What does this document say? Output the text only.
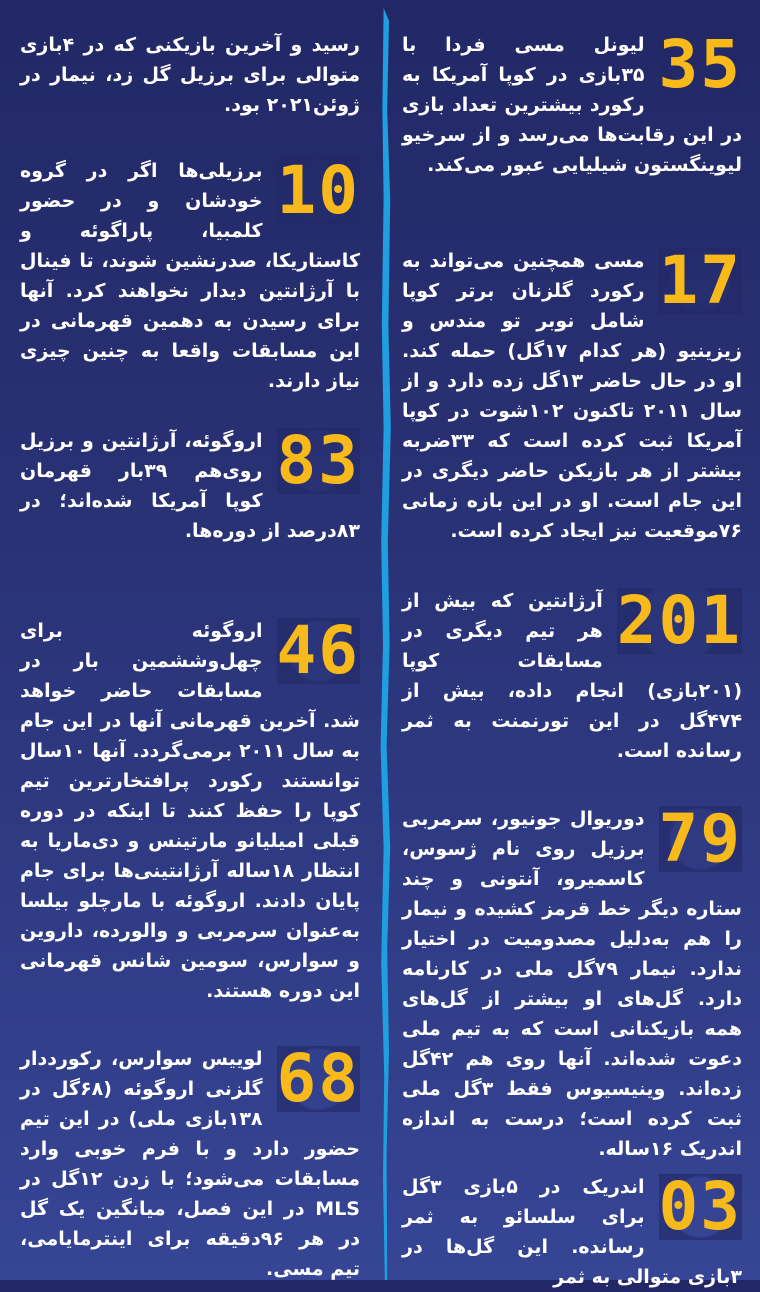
35

لیونل مسی فردا با ۳۵بازی در کوپا آمریکا به رکورد بیشترین تعداد بازی در این رقابت‌ها می‌رسد و از سرخیو لیوینگستون شیلیایی عبور می‌کند.

17

مسی همچنین می‌تواند به رکورد گلزنان برتر کوپا شامل نوبر تو مندس و زیزینیو (هر کدام ۱۷گل) حمله کند. او در حال حاضر ۱۳گل زده دارد و از سال ۲۰۱۱ تاکنون ۱۰۲شوت در کوپا آمریکا ثبت کرده است که ۳۳ضربه بیشتر از هر بازیکن حاضر دیگری در این جام است. او در این بازه زمانی ۷۶موقعیت نیز ایجاد کرده است.

201

آرژانتین که بیش از هر تیم دیگری در مسابقات کوپا (۲۰۱بازی) انجام داده، بیش از ۴۷۴گل در این تورنمنت به ثمر رسانده است.

79

دوریوال جونیور، سرمربی برزیل روی نام ژسوس، کاسمیرو، آنتونی و چند ستاره دیگر خط قرمز کشیده و نیمار را هم به‌دلیل مصدومیت در اختیار ندارد. نیمار ۷۹گل ملی در کارنامه دارد. گل‌های او بیشتر از گل‌های همه بازیکنانی است که به تیم ملی دعوت شده‌اند. آنها روی هم ۴۲گل زده‌اند. وینیسیوس فقط ۳گل ملی ثبت کرده است؛ درست به اندازه اندریک ۱۶ساله.

03

اندریک در ۵بازی ۳گل برای سلسائو به ثمر رسانده. این گل‌ها در ۳بازی متوالی به ثمر

رسید و آخرین بازیکنی که در ۴بازی متوالی برای برزیل گل زد، نیمار در ژوئن۲۰۲۱ بود.

10

برزیلی‌ها اگر در گروه خودشان و در حضور کلمبیا، پاراگوئه و کاستاریکا، صدرنشین شوند، تا فینال با آرژانتین دیدار نخواهند کرد. آنها برای رسیدن به دهمین قهرمانی در این مسابقات واقعا به چنین چیزی نیاز دارند.

83

اروگوئه، آرژانتین و برزیل روی‌هم ۳۹بار قهرمان کوپا آمریکا شده‌اند؛ در ۸۳درصد از دوره‌ها.

46

اروگوئه برای چهل‌وششمین بار در مسابقات حاضر خواهد شد. آخرین قهرمانی آنها در این جام به سال ۲۰۱۱ برمی‌گردد. آنها ۱۰سال توانستند رکورد پرافتخارترین تیم کوپا را حفظ کنند تا اینکه در دوره قبلی امیلیانو مارتینس و دی‌ماریا به انتظار ۱۸ساله آرژانتینی‌ها برای جام پایان دادند. اروگوئه با مارچلو بیلسا به‌عنوان سرمربی و والورده، داروین و سوارس، سومین شانس قهرمانی این دوره هستند.

68

لوییس سوارس، رکورددار گلزنی اروگوئه (۶۸گل در ۱۳۸بازی ملی) در این تیم حضور دارد و با فرم خوبی وارد مسابقات می‌شود؛ با زدن ۱۲گل در MLS در این فصل، میانگین یک گل در هر ۹۶دقیقه برای اینترمایامی، تیم مسی.
